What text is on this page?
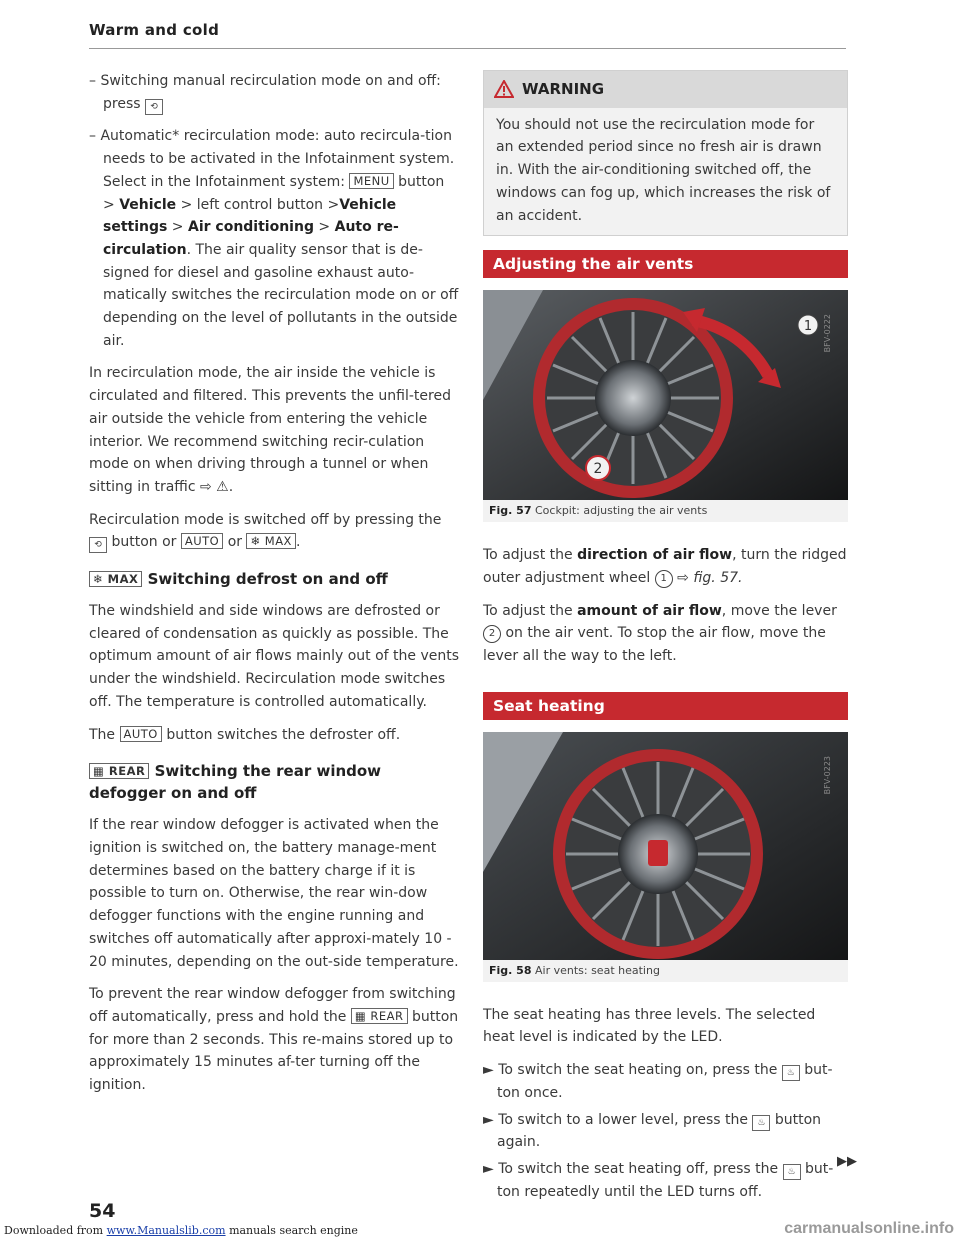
Warm and cold
– Switching manual recirculation mode on and off: press ⟲
– Automatic* recirculation mode: auto recircula-tion needs to be activated in the Infotainment system. Select in the Infotainment system: MENU button > Vehicle > left control button >Vehicle settings > Air conditioning > Auto re-circulation. The air quality sensor that is de-signed for diesel and gasoline exhaust auto-matically switches the recirculation mode on or off depending on the level of pollutants in the outside air.

In recirculation mode, the air inside the vehicle is circulated and filtered. This prevents the unfil-tered air outside the vehicle from entering the vehicle interior. We recommend switching recir-culation mode on when driving through a tunnel or when sitting in traffic ⇨ ⚠.

Recirculation mode is switched off by pressing the ⟲ button or AUTO or ❄ MAX .

❄ MAX Switching defrost on and off

The windshield and side windows are defrosted or cleared of condensation as quickly as possible. The optimum amount of air flows mainly out of the vents under the windshield. Recirculation mode switches off. The temperature is controlled automatically.

The AUTO button switches the defroster off.

▦ REAR Switching the rear window defogger on and off

If the rear window defogger is activated when the ignition is switched on, the battery manage-ment determines based on the battery charge if it is possible to turn on. Otherwise, the rear win-dow defogger functions with the engine running and switches off automatically after approxi-mately 10 - 20 minutes, depending on the out-side temperature.

To prevent the rear window defogger from switching off automatically, press and hold the ▦ REAR button for more than 2 seconds. This re-mains stored up to approximately 15 minutes af-ter turning off the ignition.

WARNING
You should not use the recirculation mode for an extended period since no fresh air is drawn in. With the air-conditioning switched off, the windows can fog up, which increases the risk of an accident.
Adjusting the air vents
1
2
BFV-0222
Fig. 57 Cockpit: adjusting the air vents

To adjust the direction of air flow, turn the ridged outer adjustment wheel 1 ⇨ fig. 57.

To adjust the amount of air flow, move the lever 2 on the air vent. To stop the air flow, move the lever all the way to the left.

Seat heating
BFV-0223
Fig. 58 Air vents: seat heating

The seat heating has three levels. The selected heat level is indicated by the LED.

► To switch the seat heating on, press the ♨ but-ton once.
► To switch to a lower level, press the ♨ button again.
► To switch the seat heating off, press the ♨ but-ton repeatedly until the LED turns off.
▶▶
54
Downloaded from www.Manualslib.com manuals search engine	carmanualsonline.info
